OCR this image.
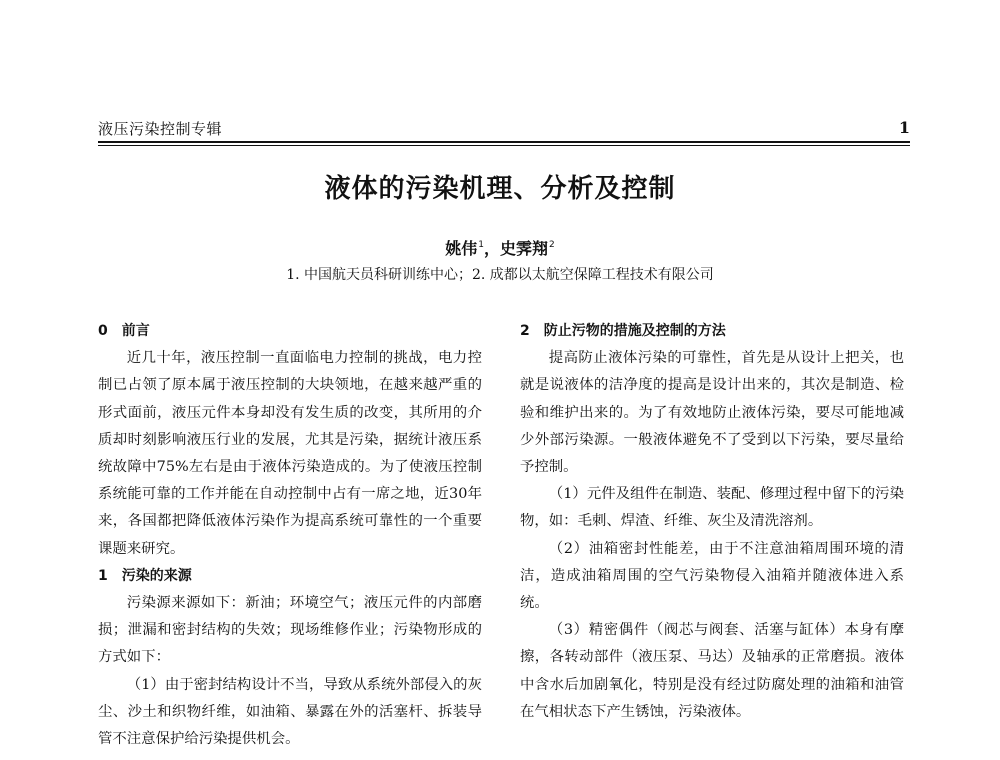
液压污染控制专辑	1
液体的污染机理、分析及控制
姚伟$^1$，史霁翔$^2$
1. 中国航天员科研训练中心；2. 成都以太航空保障工程技术有限公司

0　前言

近几十年，液压控制一直面临电力控制的挑战，电力控制已占领了原本属于液压控制的大块领地，在越来越严重的形式面前，液压元件本身却没有发生质的改变，其所用的介质却时刻影响液压行业的发展，尤其是污染，据统计液压系统故障中75%左右是由于液体污染造成的。为了使液压控制系统能可靠的工作并能在自动控制中占有一席之地，近30年来，各国都把降低液体污染作为提高系统可靠性的一个重要课题来研究。

1　污染的来源

污染源来源如下：新油；环境空气；液压元件的内部磨损；泄漏和密封结构的失效；现场维修作业；污染物形成的方式如下：

（1）由于密封结构设计不当，导致从系统外部侵入的灰尘、沙土和织物纤维，如油箱、暴露在外的活塞杆、拆装导管不注意保护给污染提供机会。

2　防止污物的措施及控制的方法

提高防止液体污染的可靠性，首先是从设计上把关，也就是说液体的洁净度的提高是设计出来的，其次是制造、检验和维护出来的。为了有效地防止液体污染，要尽可能地减少外部污染源。一般液体避免不了受到以下污染，要尽量给予控制。

（1）元件及组件在制造、装配、修理过程中留下的污染物，如：毛刺、焊渣、纤维、灰尘及清洗溶剂。

（2）油箱密封性能差，由于不注意油箱周围环境的清洁，造成油箱周围的空气污染物侵入油箱并随液体进入系统。

（3）精密偶件（阀芯与阀套、活塞与缸体）本身有摩擦，各转动部件（液压泵、马达）及轴承的正常磨损。液体中含水后加剧氧化，特别是没有经过防腐处理的油箱和油管在气相状态下产生锈蚀，污染液体。
